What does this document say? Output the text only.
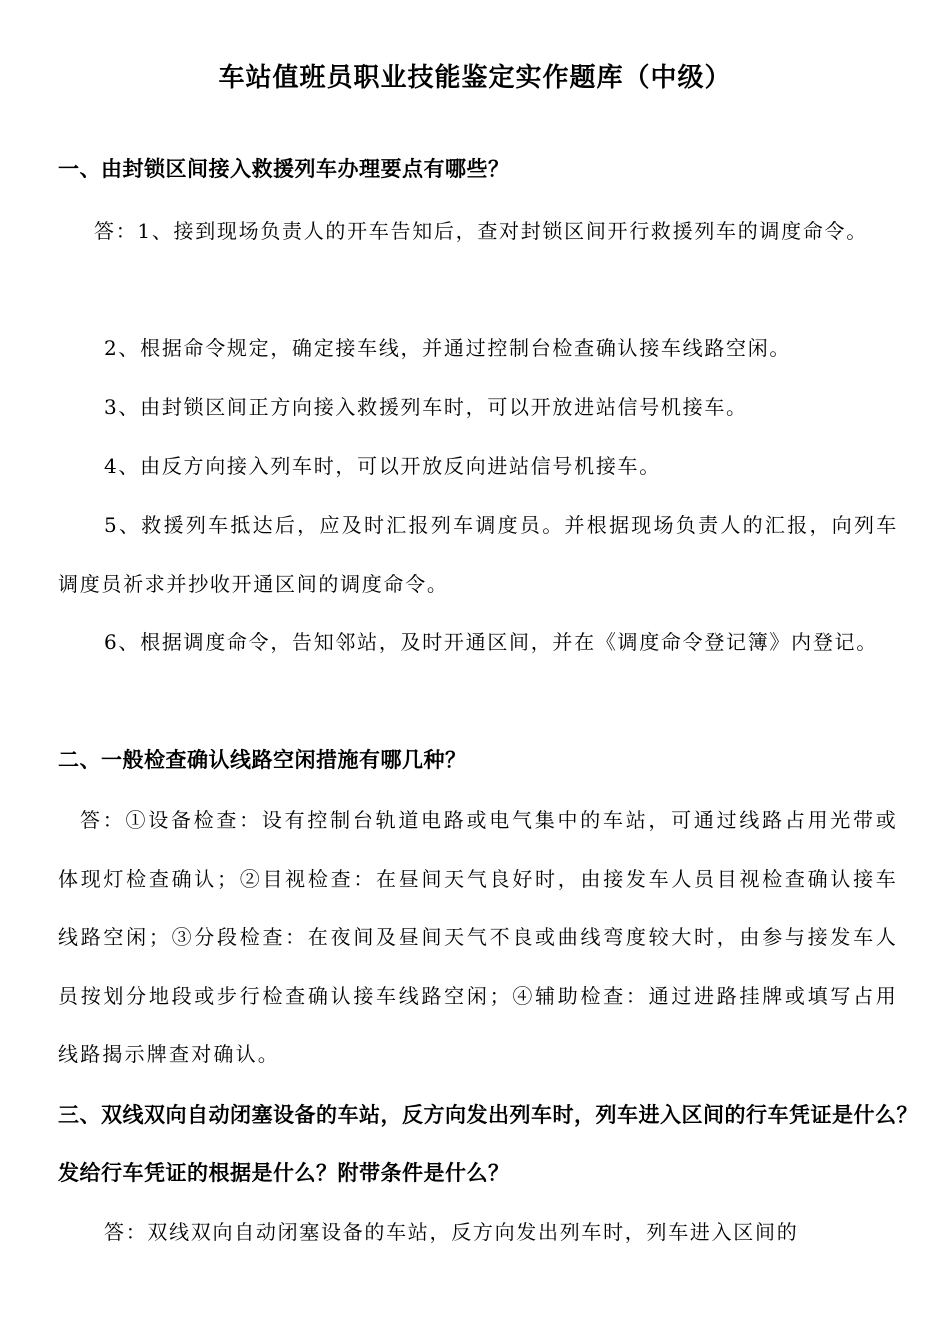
车站值班员职业技能鉴定实作题库（中级）
一、由封锁区间接入救援列车办理要点有哪些？
答：1、接到现场负责人的开车告知后，查对封锁区间开行救援列车的调度命令。
2、根据命令规定，确定接车线，并通过控制台检查确认接车线路空闲。
3、由封锁区间正方向接入救援列车时，可以开放进站信号机接车。
4、由反方向接入列车时，可以开放反向进站信号机接车。
5、救援列车抵达后，应及时汇报列车调度员。并根据现场负责人的汇报，向列车调度员祈求并抄收开通区间的调度命令。
6、根据调度命令，告知邻站，及时开通区间，并在《调度命令登记簿》内登记。
二、一般检查确认线路空闲措施有哪几种？
答：①设备检查：设有控制台轨道电路或电气集中的车站，可通过线路占用光带或体现灯检查确认；②目视检查：在昼间天气良好时，由接发车人员目视检查确认接车线路空闲；③分段检查：在夜间及昼间天气不良或曲线弯度较大时，由参与接发车人员按划分地段或步行检查确认接车线路空闲；④辅助检查：通过进路挂牌或填写占用线路揭示牌查对确认。
三、双线双向自动闭塞设备的车站，反方向发出列车时，列车进入区间的行车凭证是什么？发给行车凭证的根据是什么？附带条件是什么？
答：双线双向自动闭塞设备的车站，反方向发出列车时，列车进入区间的
